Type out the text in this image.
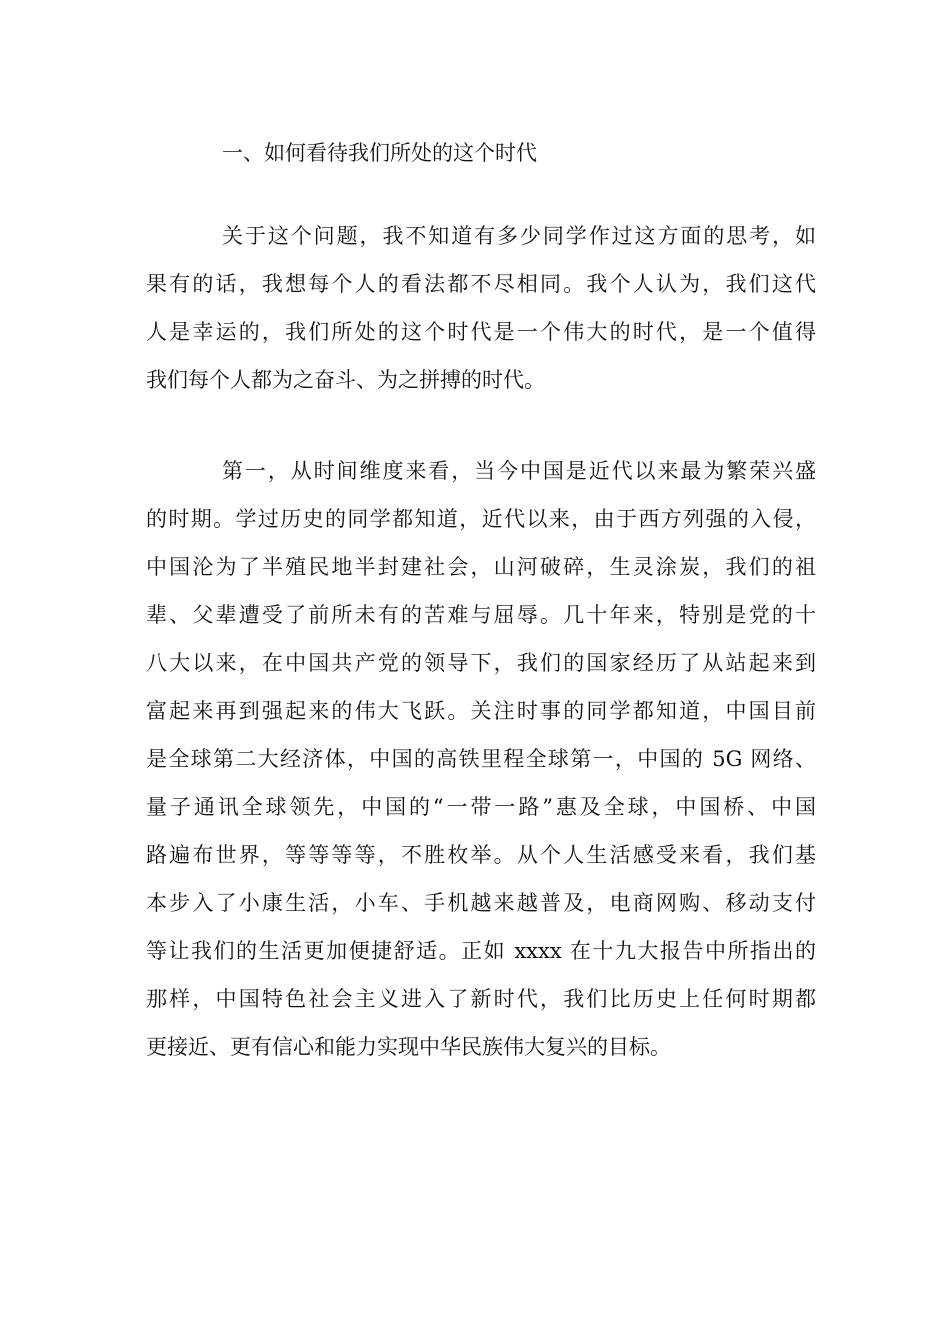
一、如何看待我们所处的这个时代
关于这个问题，我不知道有多少同学作过这方面的思考，如
果有的话，我想每个人的看法都不尽相同。我个人认为，我们这代
人是幸运的，我们所处的这个时代是一个伟大的时代，是一个值得
我们每个人都为之奋斗、为之拼搏的时代。
第一，从时间维度来看，当今中国是近代以来最为繁荣兴盛
的时期。学过历史的同学都知道，近代以来，由于西方列强的入侵，
中国沦为了半殖民地半封建社会，山河破碎，生灵涂炭，我们的祖
辈、父辈遭受了前所未有的苦难与屈辱。几十年来，特别是党的十
八大以来，在中国共产党的领导下，我们的国家经历了从站起来到
富起来再到强起来的伟大飞跃。关注时事的同学都知道，中国目前
是全球第二大经济体，中国的高铁里程全球第一，中国的 5G 网络、
量子通讯全球领先，中国的“一带一路”惠及全球，中国桥、中国
路遍布世界，等等等等，不胜枚举。从个人生活感受来看，我们基
本步入了小康生活，小车、手机越来越普及，电商网购、移动支付
等让我们的生活更加便捷舒适。正如 xxxx 在十九大报告中所指出的
那样，中国特色社会主义进入了新时代，我们比历史上任何时期都
更接近、更有信心和能力实现中华民族伟大复兴的目标。
